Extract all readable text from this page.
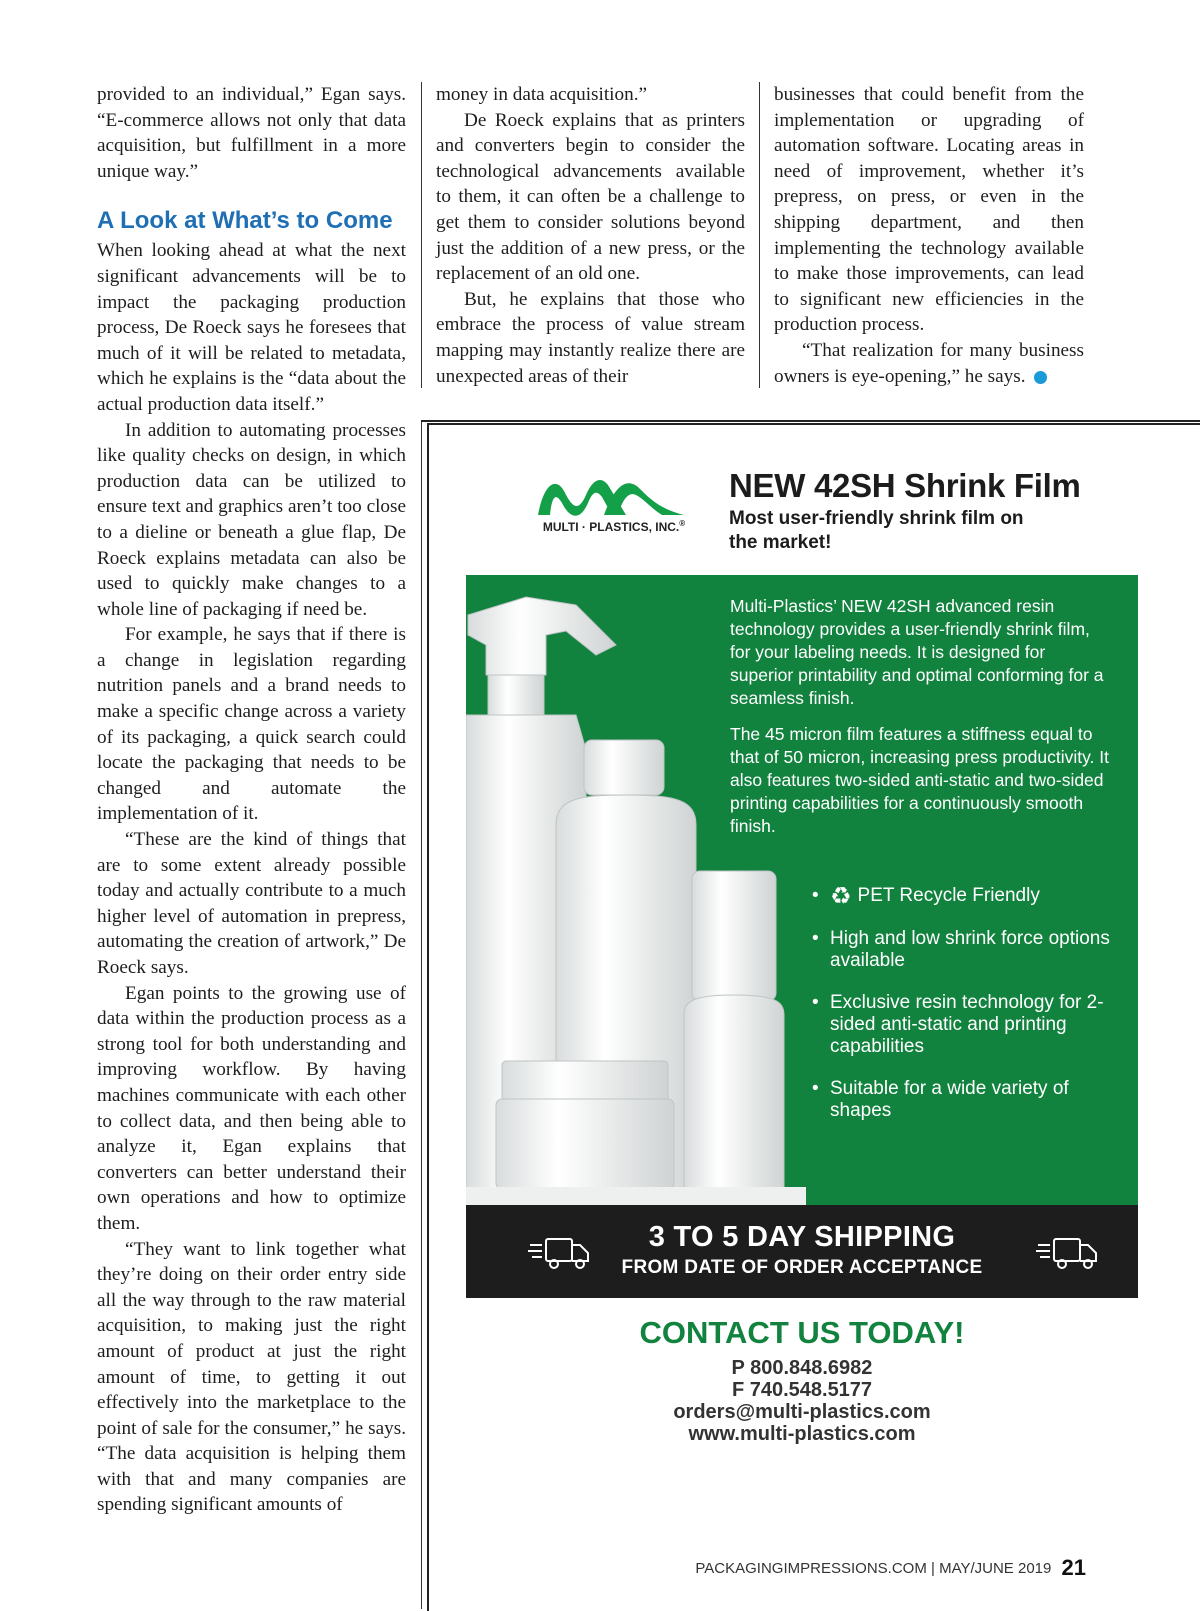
provided to an individual,” Egan says. “E-commerce allows not only that data acquisition, but fulfillment in a more unique way.”

A Look at What’s to Come

When looking ahead at what the next significant advancements will be to impact the packaging production process, De Roeck says he foresees that much of it will be related to metadata, which he explains is the “data about the actual production data itself.”

In addition to automating processes like quality checks on design, in which production data can be utilized to ensure text and graphics aren’t too close to a dieline or beneath a glue flap, De Roeck explains metadata can also be used to quickly make changes to a whole line of packaging if need be.

For example, he says that if there is a change in legislation regarding nutrition panels and a brand needs to make a specific change across a variety of its packaging, a quick search could locate the packaging that needs to be changed and automate the implementation of it.

“These are the kind of things that are to some extent already possible today and actually contribute to a much higher level of automation in prepress, automating the creation of artwork,” De Roeck says.

Egan points to the growing use of data within the production process as a strong tool for both understanding and improving workflow. By having machines communicate with each other to collect data, and then being able to analyze it, Egan explains that converters can better understand their own operations and how to optimize them.

“They want to link together what they’re doing on their order entry side all the way through to the raw material acquisition, to making just the right amount of product at just the right amount of time, to getting it out effectively into the marketplace to the point of sale for the consumer,” he says. “The data acquisition is helping them with that and many companies are spending significant amounts of

money in data acquisition.”

De Roeck explains that as printers and converters begin to consider the technological advancements available to them, it can often be a challenge to get them to consider solutions beyond just the addition of a new press, or the replacement of an old one.

But, he explains that those who embrace the process of value stream mapping may instantly realize there are unexpected areas of their

businesses that could benefit from the implementation or upgrading of automation software. Locating areas in need of improvement, whether it’s prepress, on press, or even in the shipping department, and then implementing the technology available to make those improvements, can lead to significant new efficiencies in the production process.

“That realization for many business owners is eye-opening,” he says.

MULTI · PLASTICS, INC.®
NEW 42SH Shrink Film
Most user-friendly shrink film on the market!

Multi-Plastics’ NEW 42SH advanced resin technology provides a user-friendly shrink film, for your labeling needs. It is designed for superior printability and optimal conforming for a seamless finish.

The 45 micron film features a stiffness equal to that of 50 micron, increasing press productivity. It also features two-sided anti-static and two-sided printing capabilities for a continuously smooth finish.

• ♻ PET Recycle Friendly
• High and low shrink force options available
• Exclusive resin technology for 2-sided anti-static and printing capabilities
• Suitable for a wide variety of shapes
3 TO 5 DAY SHIPPING
FROM DATE OF ORDER ACCEPTANCE
CONTACT US TODAY!
P 800.848.6982
F 740.548.5177
orders@multi-plastics.com
www.multi-plastics.com
PACKAGINGIMPRESSIONS.COM | MAY/JUNE 2019 21
